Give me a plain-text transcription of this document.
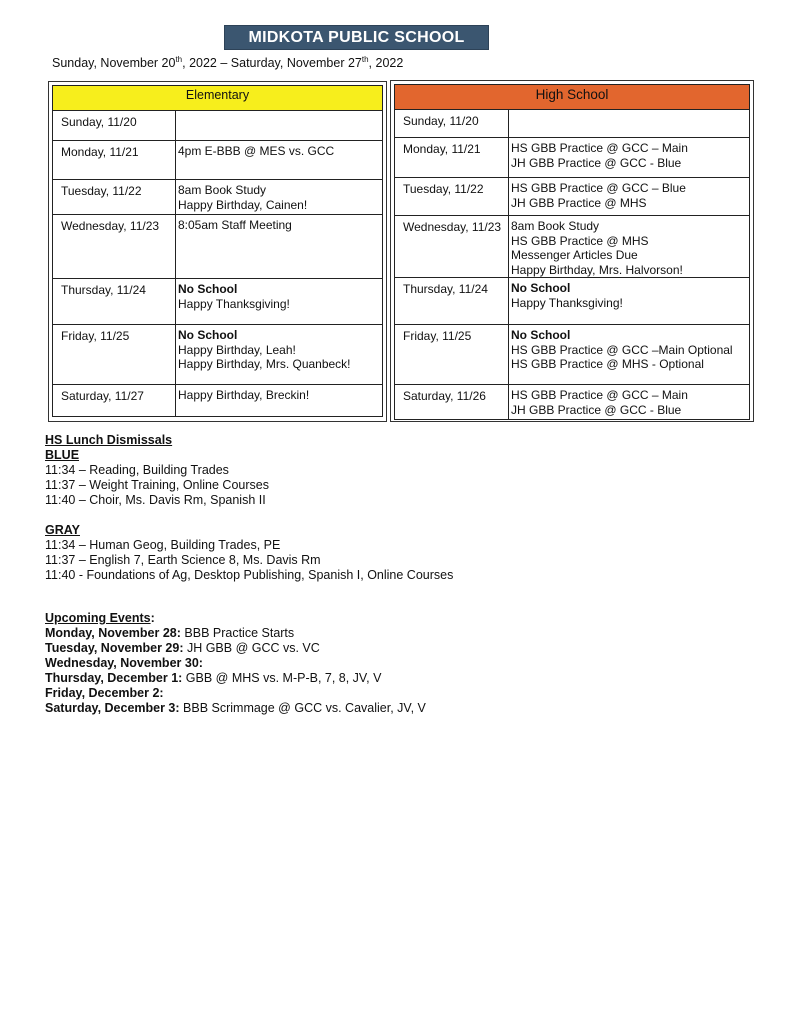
MIDKOTA PUBLIC SCHOOL
Sunday, November 20th, 2022 – Saturday, November 27th, 2022
Elementary	
Sunday, 11/20	
Monday, 11/21	4pm E-BBB @ MES vs. GCC

Tuesday, 11/22	8am Book Study
Happy Birthday, Cainen!

Wednesday, 11/23	8:05am Staff Meeting

Thursday, 11/24	No School
Happy Thanksgiving!

Friday, 11/25	No School
Happy Birthday, Leah!
Happy Birthday, Mrs. Quanbeck!

Saturday, 11/27	Happy Birthday, Breckin!
High School	
Sunday, 11/20	
Monday, 11/21	HS GBB Practice @ GCC – Main
JH GBB Practice @ GCC - Blue

Tuesday, 11/22	HS GBB Practice @ GCC – Blue
JH GBB Practice @ MHS

Wednesday, 11/23	8am Book Study
HS GBB Practice @ MHS
Messenger Articles Due
Happy Birthday, Mrs. Halvorson!

Thursday, 11/24	No School
Happy Thanksgiving!

Friday, 11/25	No School
HS GBB Practice @ GCC –Main Optional
HS GBB Practice @ MHS - Optional

Saturday, 11/26	HS GBB Practice @ GCC – Main
JH GBB Practice @ GCC - Blue
HS Lunch Dismissals
BLUE
11:34 – Reading, Building Trades
11:37 – Weight Training, Online Courses
11:40 – Choir, Ms. Davis Rm, Spanish II
GRAY
11:34 – Human Geog, Building Trades, PE
11:37 – English 7, Earth Science 8, Ms. Davis Rm
11:40 - Foundations of Ag, Desktop Publishing, Spanish I, Online Courses
Upcoming Events:
Monday, November 28: BBB Practice Starts
Tuesday, November 29: JH GBB @ GCC vs. VC
Wednesday, November 30:
Thursday, December 1: GBB @ MHS vs. M-P-B, 7, 8, JV, V
Friday, December 2:
Saturday, December 3: BBB Scrimmage @ GCC vs. Cavalier, JV, V
